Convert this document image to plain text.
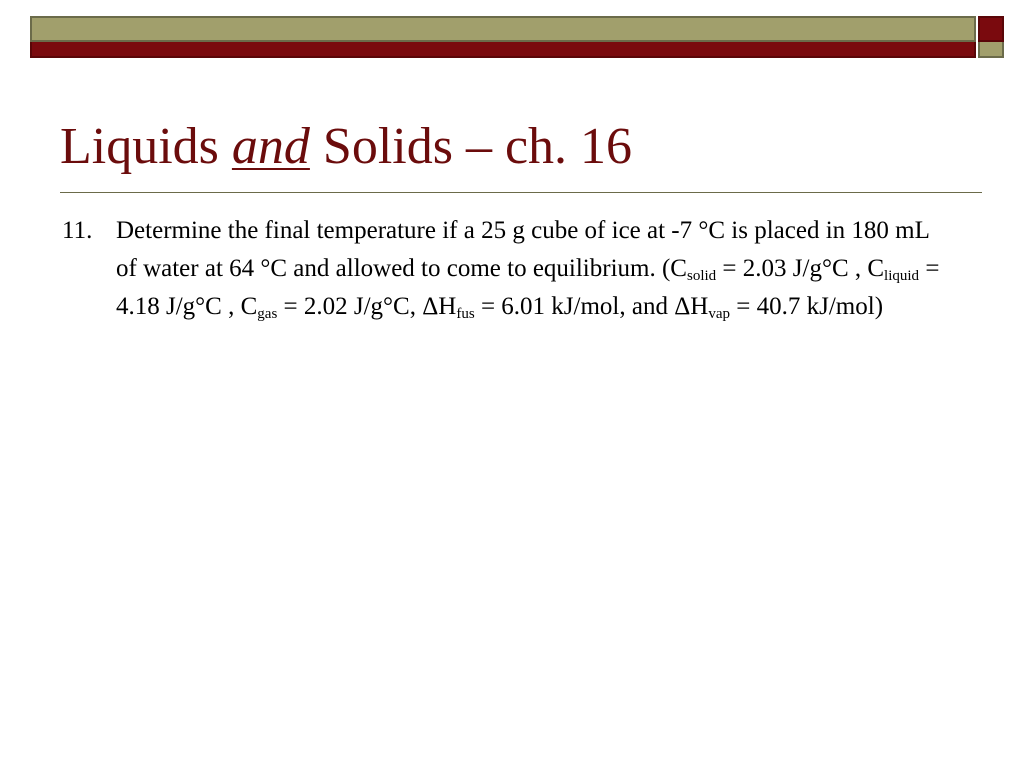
Liquids and Solids – ch. 16
11. Determine the final temperature if a 25 g cube of ice at -7 °C is placed in 180 mL of water at 64 °C and allowed to come to equilibrium. ($C_{solid} = 2.03$ J/g°C , $C_{liquid} = 4.18$ J/g°C , $C_{gas} = 2.02$ J/g°C, $\Delta H_{fus} = 6.01$ kJ/mol, and $\Delta H_{vap} = 40.7$ kJ/mol)
